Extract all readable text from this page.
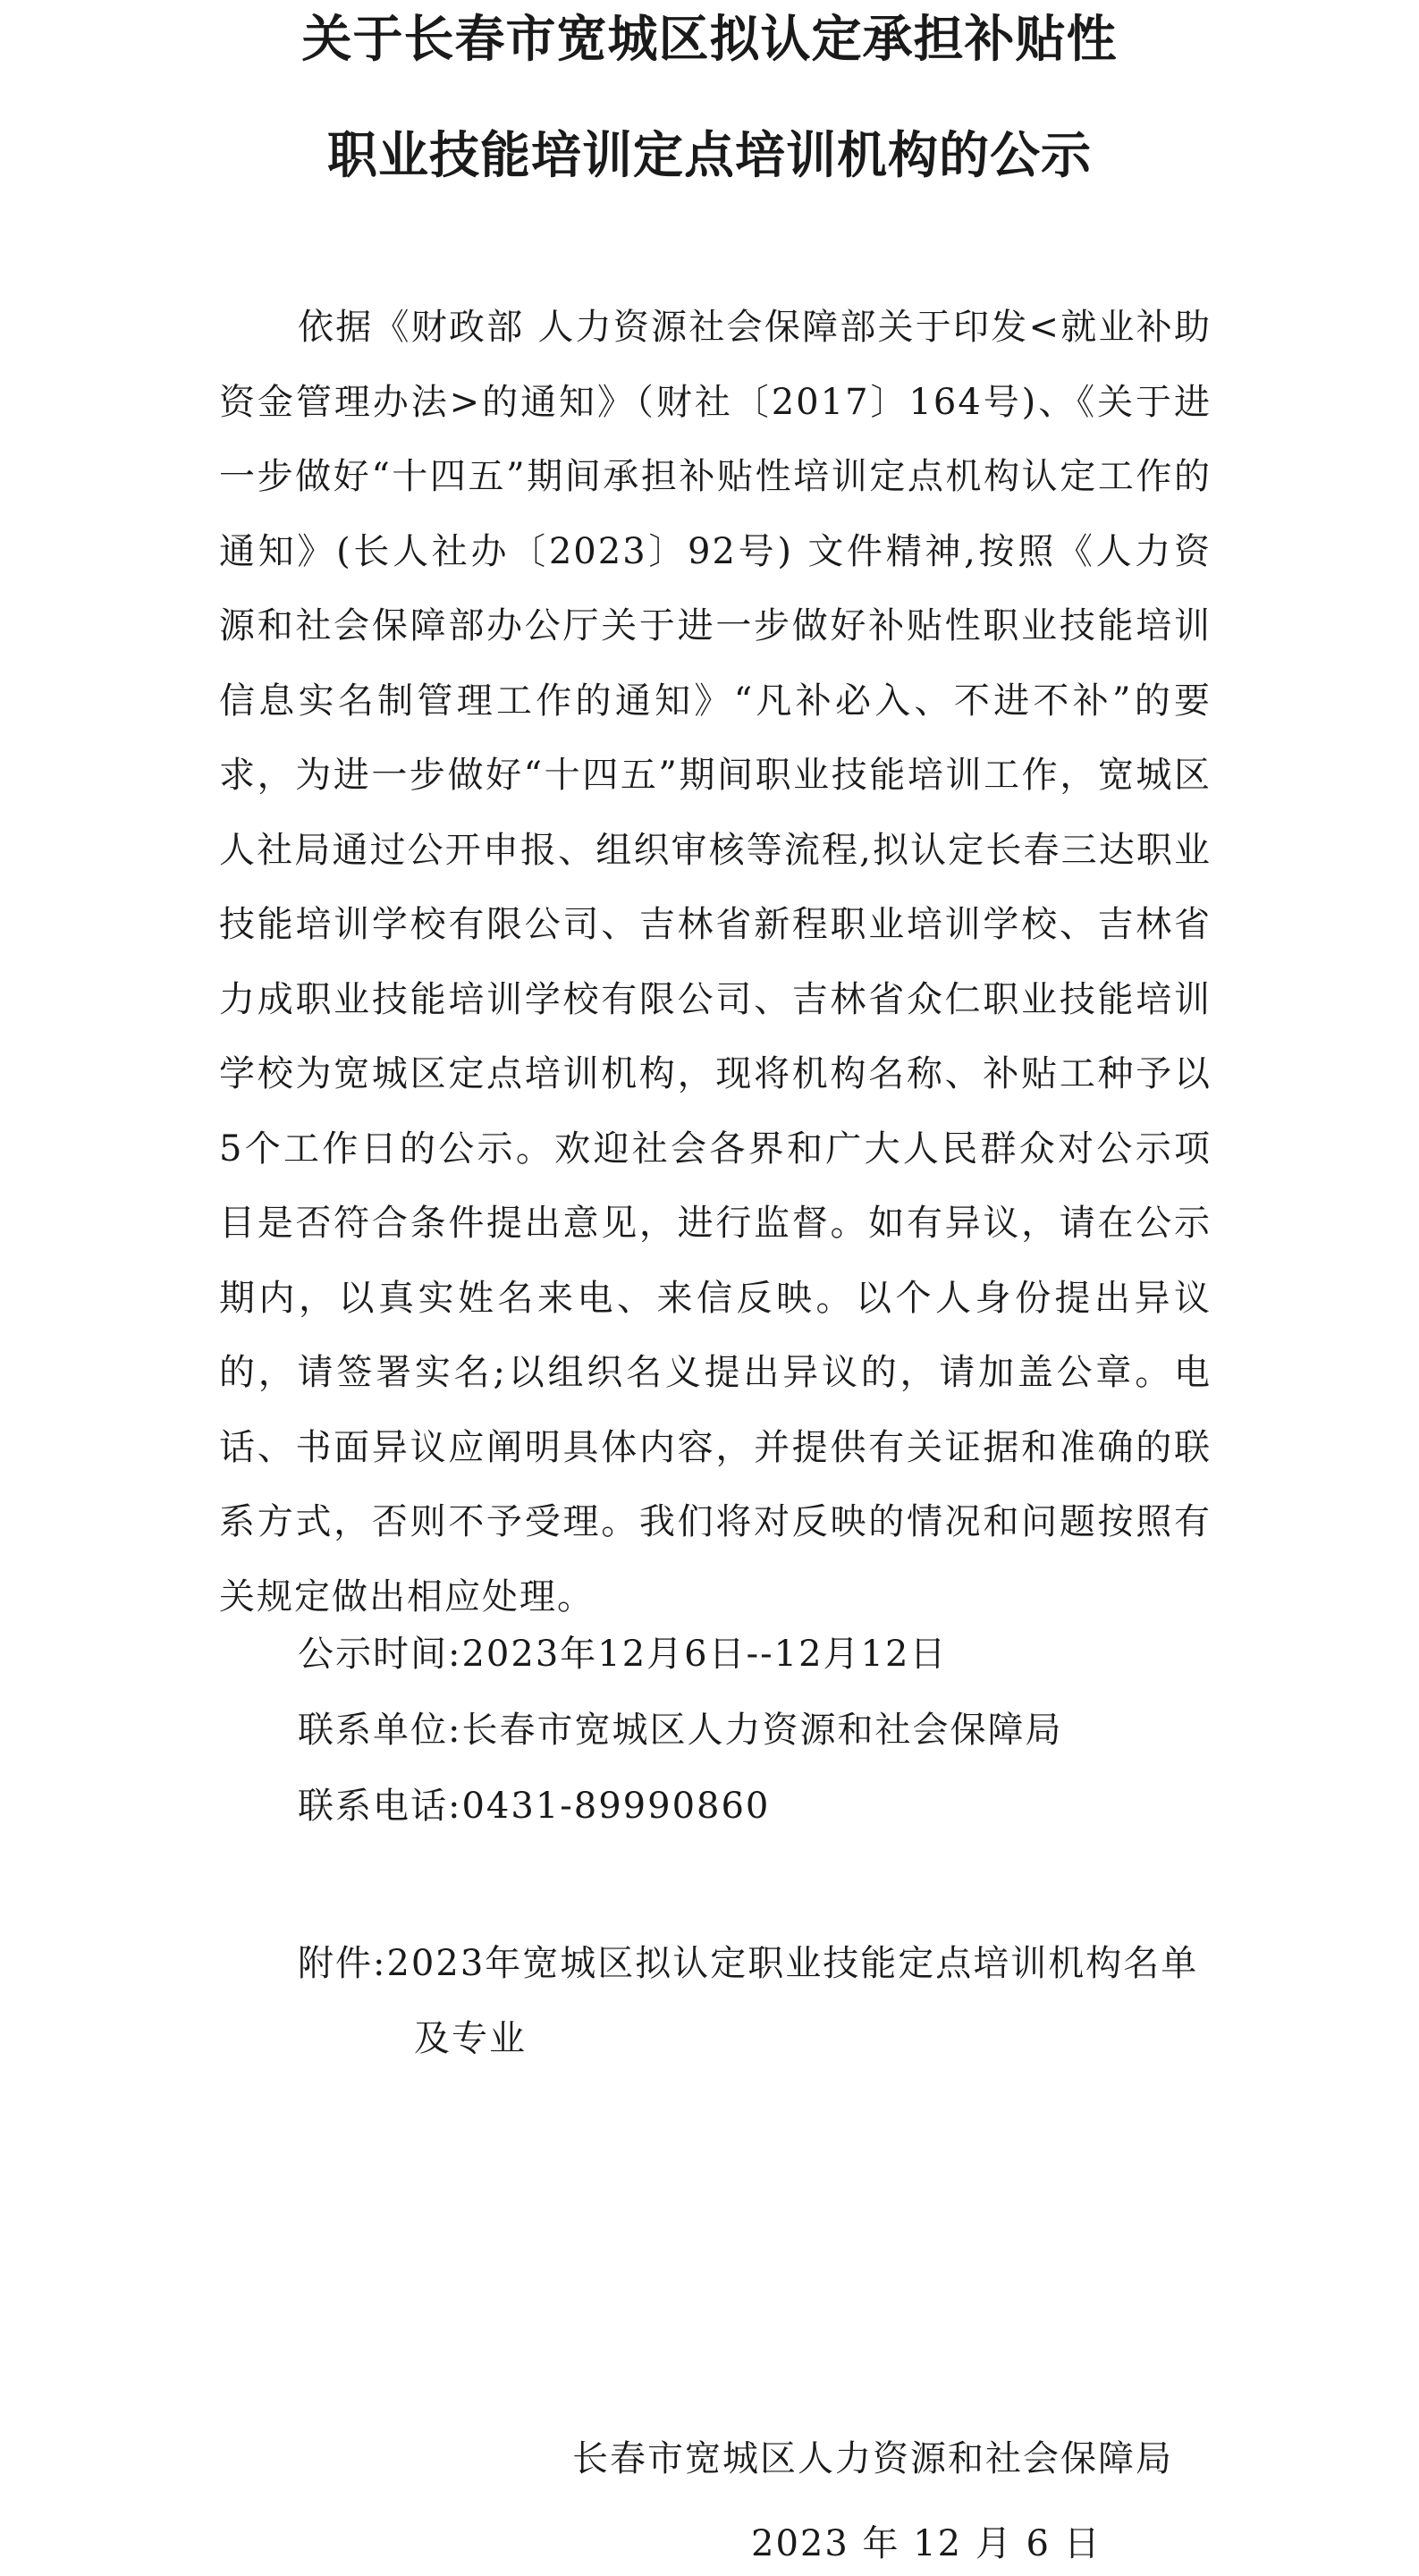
关于长春市宽城区拟认定承担补贴性
职业技能培训定点培训机构的公示

依据《财政部 人力资源社会保障部关于印发<就业补助资金管理办法>的通知》（财社〔2017〕164号)、《关于进一步做好“十四五”期间承担补贴性培训定点机构认定工作的通知》(长人社办〔2023〕92号) 文件精神,按照《人力资源和社会保障部办公厅关于进一步做好补贴性职业技能培训信息实名制管理工作的通知》“凡补必入、不进不补”的要求，为进一步做好“十四五”期间职业技能培训工作，宽城区人社局通过公开申报、组织审核等流程,拟认定长春三达职业技能培训学校有限公司、吉林省新程职业培训学校、吉林省力成职业技能培训学校有限公司、吉林省众仁职业技能培训学校为宽城区定点培训机构，现将机构名称、补贴工种予以5个工作日的公示。欢迎社会各界和广大人民群众对公示项目是否符合条件提出意见，进行监督。如有异议，请在公示期内，以真实姓名来电、来信反映。以个人身份提出异议的，请签署实名;以组织名义提出异议的，请加盖公章。电话、书面异议应阐明具体内容，并提供有关证据和准确的联系方式，否则不予受理。我们将对反映的情况和问题按照有关规定做出相应处理。

公示时间:2023年12月6日--12月12日

联系单位:长春市宽城区人力资源和社会保障局

联系电话:0431-89990860

附件:2023年宽城区拟认定职业技能定点培训机构名单及专业

长春市宽城区人力资源和社会保障局

2023 年 12 月 6 日
